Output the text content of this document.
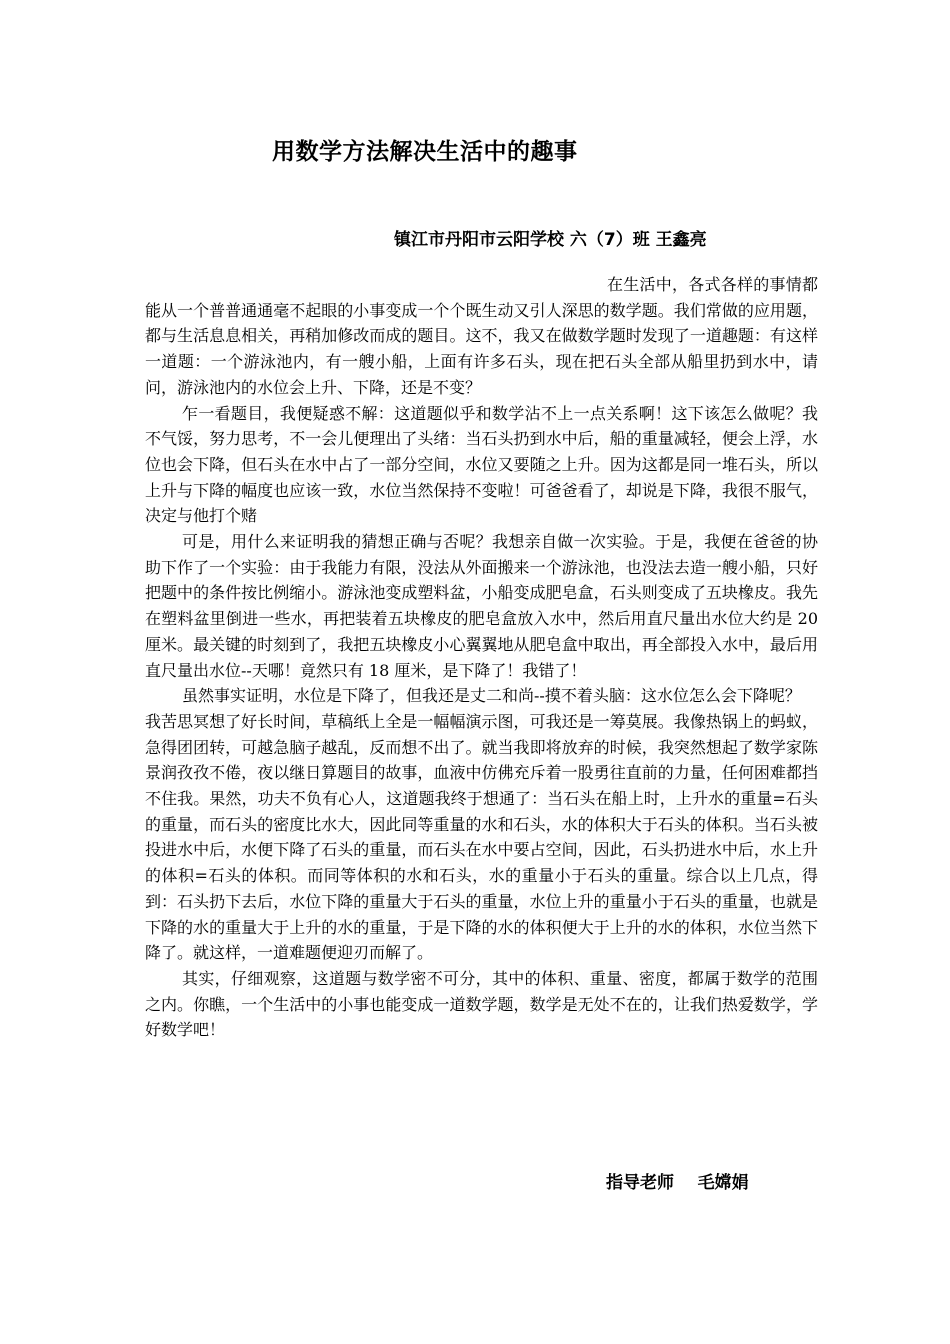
用数学方法解决生活中的趣事
镇江市丹阳市云阳学校 六（7）班 王鑫亮

在生活中，各式各样的事情都能从一个普普通通毫不起眼的小事变成一个个既生动又引人深思的数学题。我们常做的应用题，都与生活息息相关，再稍加修改而成的题目。这不，我又在做数学题时发现了一道趣题：有这样一道题：一个游泳池内，有一艘小船，上面有许多石头，现在把石头全部从船里扔到水中，请问，游泳池内的水位会上升、下降，还是不变？

乍一看题目，我便疑惑不解：这道题似乎和数学沾不上一点关系啊！这下该怎么做呢？我不气馁，努力思考，不一会儿便理出了头绪：当石头扔到水中后，船的重量减轻，便会上浮，水位也会下降，但石头在水中占了一部分空间，水位又要随之上升。因为这都是同一堆石头，所以上升与下降的幅度也应该一致，水位当然保持不变啦！可爸爸看了，却说是下降，我很不服气，决定与他打个赌

可是，用什么来证明我的猜想正确与否呢？我想亲自做一次实验。于是，我便在爸爸的协助下作了一个实验：由于我能力有限，没法从外面搬来一个游泳池，也没法去造一艘小船，只好把题中的条件按比例缩小。游泳池变成塑料盆，小船变成肥皂盒，石头则变成了五块橡皮。我先在塑料盆里倒进一些水，再把装着五块橡皮的肥皂盒放入水中，然后用直尺量出水位大约是 20 厘米。最关键的时刻到了，我把五块橡皮小心翼翼地从肥皂盒中取出，再全部投入水中，最后用直尺量出水位--天哪！竟然只有 18 厘米，是下降了！我错了！

虽然事实证明，水位是下降了，但我还是丈二和尚--摸不着头脑：这水位怎么会下降呢？

我苦思冥想了好长时间，草稿纸上全是一幅幅演示图，可我还是一筹莫展。我像热锅上的蚂蚁，急得团团转，可越急脑子越乱，反而想不出了。就当我即将放弃的时候，我突然想起了数学家陈景润孜孜不倦，夜以继日算题目的故事，血液中仿佛充斥着一股勇往直前的力量，任何困难都挡不住我。果然，功夫不负有心人，这道题我终于想通了：当石头在船上时，上升水的重量=石头的重量，而石头的密度比水大，因此同等重量的水和石头，水的体积大于石头的体积。当石头被投进水中后，水便下降了石头的重量，而石头在水中要占空间，因此，石头扔进水中后，水上升的体积=石头的体积。而同等体积的水和石头，水的重量小于石头的重量。综合以上几点，得到：石头扔下去后，水位下降的重量大于石头的重量，水位上升的重量小于石头的重量，也就是下降的水的重量大于上升的水的重量，于是下降的水的体积便大于上升的水的体积，水位当然下降了。就这样，一道难题便迎刃而解了。

其实，仔细观察，这道题与数学密不可分，其中的体积、重量、密度，都属于数学的范围之内。你瞧，一个生活中的小事也能变成一道数学题，数学是无处不在的，让我们热爱数学，学好数学吧！

指导老师    毛嫦娟
